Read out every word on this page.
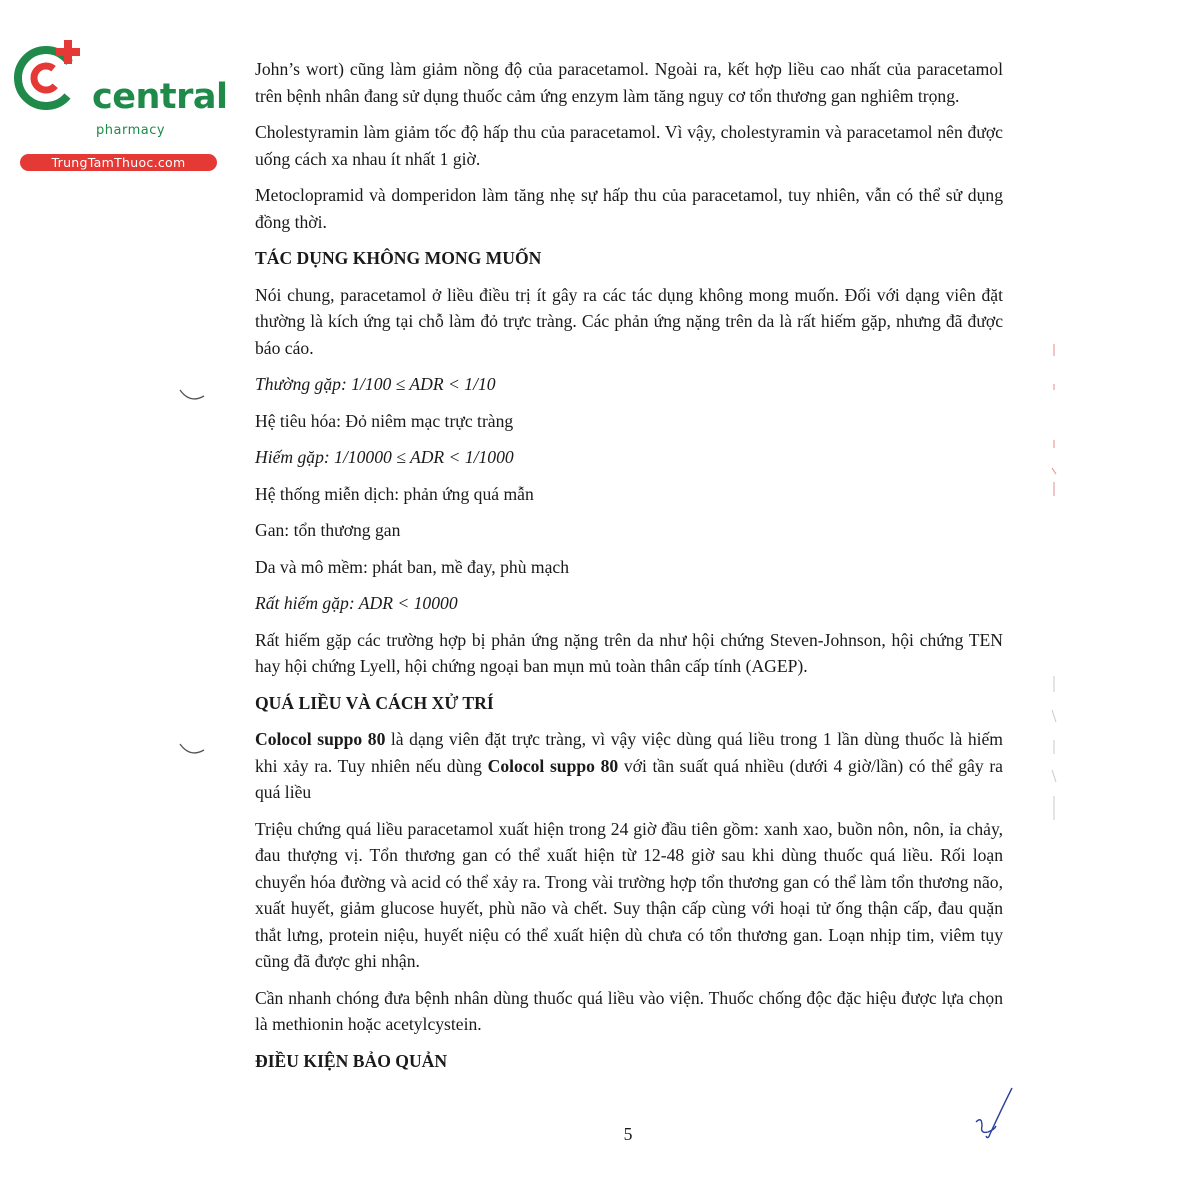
central
pharmacy
TrungTamThuoc.com

John’s wort) cũng làm giảm nồng độ của paracetamol. Ngoài ra, kết hợp liều cao nhất của paracetamol trên bệnh nhân đang sử dụng thuốc cảm ứng enzym làm tăng nguy cơ tổn thương gan nghiêm trọng.

Cholestyramin làm giảm tốc độ hấp thu của paracetamol. Vì vậy, cholestyramin và paracetamol nên được uống cách xa nhau ít nhất 1 giờ.

Metoclopramid và domperidon làm tăng nhẹ sự hấp thu của paracetamol, tuy nhiên, vẫn có thể sử dụng đồng thời.

TÁC DỤNG KHÔNG MONG MUỐN

Nói chung, paracetamol ở liều điều trị ít gây ra các tác dụng không mong muốn. Đối với dạng viên đặt thường là kích ứng tại chỗ làm đỏ trực tràng. Các phản ứng nặng trên da là rất hiếm gặp, nhưng đã được báo cáo.

Thường gặp: 1/100 ≤ ADR < 1/10

Hệ tiêu hóa: Đỏ niêm mạc trực tràng

Hiếm gặp: 1/10000 ≤ ADR < 1/1000

Hệ thống miễn dịch: phản ứng quá mẫn

Gan: tổn thương gan

Da và mô mềm: phát ban, mề đay, phù mạch

Rất hiếm gặp: ADR < 10000

Rất hiếm gặp các trường hợp bị phản ứng nặng trên da như hội chứng Steven-Johnson, hội chứng TEN hay hội chứng Lyell, hội chứng ngoại ban mụn mủ toàn thân cấp tính (AGEP).

QUÁ LIỀU VÀ CÁCH XỬ TRÍ

Colocol suppo 80 là dạng viên đặt trực tràng, vì vậy việc dùng quá liều trong 1 lần dùng thuốc là hiếm khi xảy ra. Tuy nhiên nếu dùng Colocol suppo 80 với tần suất quá nhiều (dưới 4 giờ/lần) có thể gây ra quá liều

Triệu chứng quá liều paracetamol xuất hiện trong 24 giờ đầu tiên gồm: xanh xao, buồn nôn, nôn, ỉa chảy, đau thượng vị. Tổn thương gan có thể xuất hiện từ 12-48 giờ sau khi dùng thuốc quá liều. Rối loạn chuyển hóa đường và acid có thể xảy ra. Trong vài trường hợp tổn thương gan có thể làm tổn thương não, xuất huyết, giảm glucose huyết, phù não và chết. Suy thận cấp cùng với hoại tử ống thận cấp, đau quặn thắt lưng, protein niệu, huyết niệu có thể xuất hiện dù chưa có tổn thương gan. Loạn nhịp tim, viêm tụy cũng đã được ghi nhận.

Cần nhanh chóng đưa bệnh nhân dùng thuốc quá liều vào viện. Thuốc chống độc đặc hiệu được lựa chọn là methionin hoặc acetylcystein.

ĐIỀU KIỆN BẢO QUẢN
5
